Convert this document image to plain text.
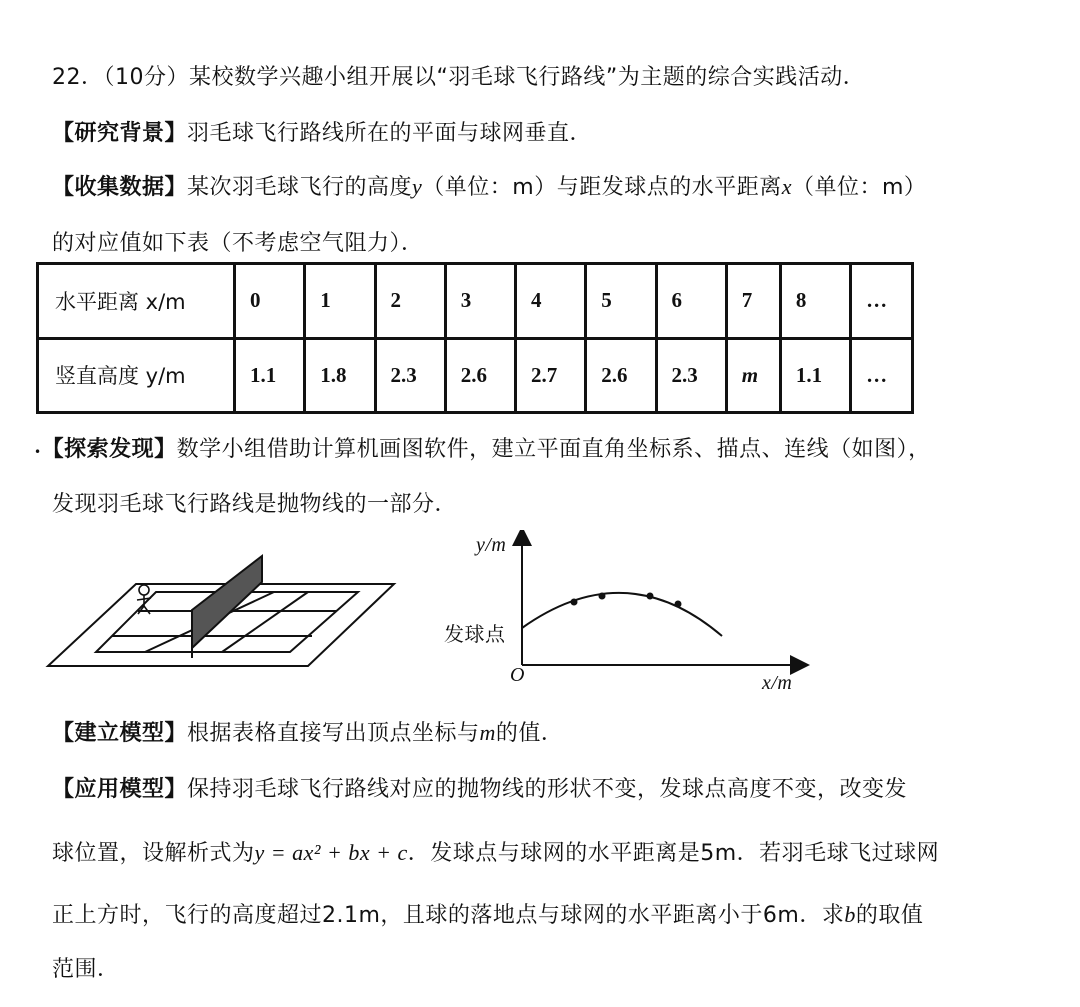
22．（10分）某校数学兴趣小组开展以“羽毛球飞行路线”为主题的综合实践活动．
【研究背景】羽毛球飞行路线所在的平面与球网垂直．
【收集数据】某次羽毛球飞行的高度y（单位：m）与距发球点的水平距离x（单位：m）
的对应值如下表（不考虑空气阻力）．
水平距离 x/m	0	1	2	3	4	5	6	7	8	…
竖直高度 y/m	1.1	1.8	2.3	2.6	2.7	2.6	2.3	m	1.1	…
•【探索发现】数学小组借助计算机画图软件，建立平面直角坐标系、描点、连线（如图），
发现羽毛球飞行路线是抛物线的一部分．
y/m
x/m
O
发球点
【建立模型】根据表格直接写出顶点坐标与m的值．
【应用模型】保持羽毛球飞行路线对应的抛物线的形状不变，发球点高度不变，改变发
球位置，设解析式为y = ax² + bx + c．发球点与球网的水平距离是5m．若羽毛球飞过球网
正上方时，飞行的高度超过2.1m，且球的落地点与球网的水平距离小于6m．求b的取值
范围．
